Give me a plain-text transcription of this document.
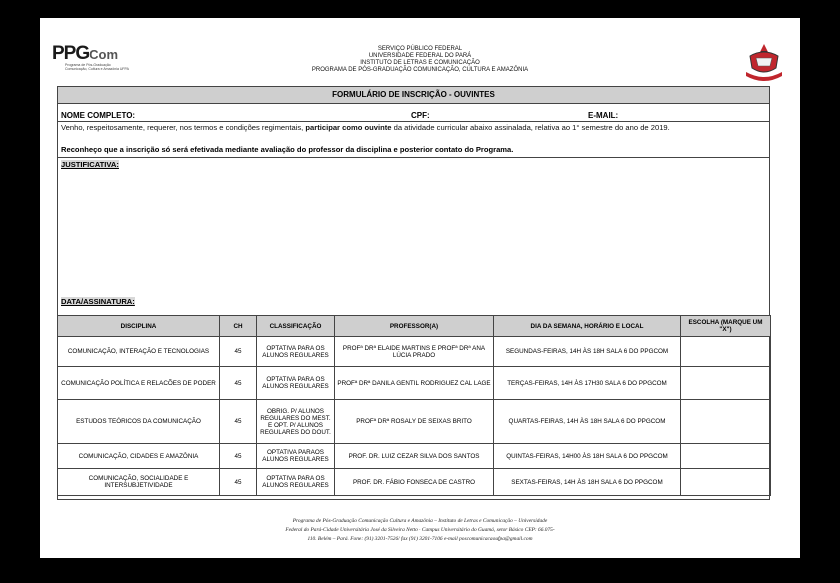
PPGCom
Programa de Pós-Graduação
Comunicação, Cultura e Amazônia UFPA
SERVIÇO PÚBLICO FEDERAL
UNIVERSIDADE FEDERAL DO PARÁ
INSTITUTO DE LETRAS E COMUNICAÇÃO
PROGRAMA DE PÓS-GRADUAÇÃO COMUNICAÇÃO, CULTURA E AMAZÔNIA
FORMULÁRIO DE INSCRIÇÃO - OUVINTES
NOME COMPLETO:	CPF:	E-MAIL:
Venho, respeitosamente, requerer, nos termos e condições regimentais, participar como ouvinte da atividade curricular abaixo assinalada, relativa ao 1° semestre do ano de 2019.
Reconheço que a inscrição só será efetivada mediante avaliação do professor da disciplina e posterior contato do Programa.
JUSTIFICATIVA:
DATA/ASSINATURA:
DISCIPLINA	CH	CLASSIFICAÇÃO	PROFESSOR(A)	DIA DA SEMANA, HORÁRIO E LOCAL	ESCOLHA (MARQUE UM "X")
COMUNICAÇÃO, INTERAÇÃO E TECNOLOGIAS	45	OPTATIVA PARA OS ALUNOS REGULARES	PROFª DRª ELAIDE MARTINS E PROFª DRª ANA LÚCIA PRADO	SEGUNDAS-FEIRAS, 14H ÀS 18H SALA 6 DO PPGCOM	
COMUNICAÇÃO POLÍTICA E RELACÕES DE PODER	45	OPTATIVA PARA OS ALUNOS REGULARES	PROFª DRª DANILA GENTIL RODRIGUEZ CAL LAGE	TERÇAS-FEIRAS, 14H ÀS 17H30 SALA 6 DO PPGCOM	
ESTUDOS TEÓRICOS DA COMUNICAÇÃO	45	OBRIG. P/ ALUNOS REGULARES DO MEST. E OPT. P/ ALUNOS REGULARES DO DOUT.	PROFª DRª ROSALY DE SEIXAS BRITO	QUARTAS-FEIRAS, 14H ÀS 18H SALA 6 DO PPGCOM	
COMUNICAÇÃO, CIDADES E AMAZÔNIA	45	OPTATIVA PARAOS ALUNOS REGULARES	PROF. DR. LUIZ CEZAR SILVA DOS SANTOS	QUINTAS-FEIRAS, 14H00 ÀS 18H SALA 6 DO PPGCOM	
COMUNICAÇÃO, SOCIALIDADE E INTERSUBJETIVIDADE	45	OPTATIVA PARA OS ALUNOS REGULARES	PROF. DR. FÁBIO FONSECA DE CASTRO	SEXTAS-FEIRAS, 14H ÀS 18H SALA 6 DO PPGCOM	
Programa de Pós-Graduação Comunicação Cultura e Amazônia – Instituto de Letras e Comunicação – Universidade
Federal do Pará-Cidade Universitária José da Silveira Netto · Campus Universitário do Guamá, setor Básico CEP: 66.075-
110. Belém – Pará. Fone: (91) 3201-7526/ fax (91) 3201-7106 e-mail poscomunicacaoufpa@gmail.com
